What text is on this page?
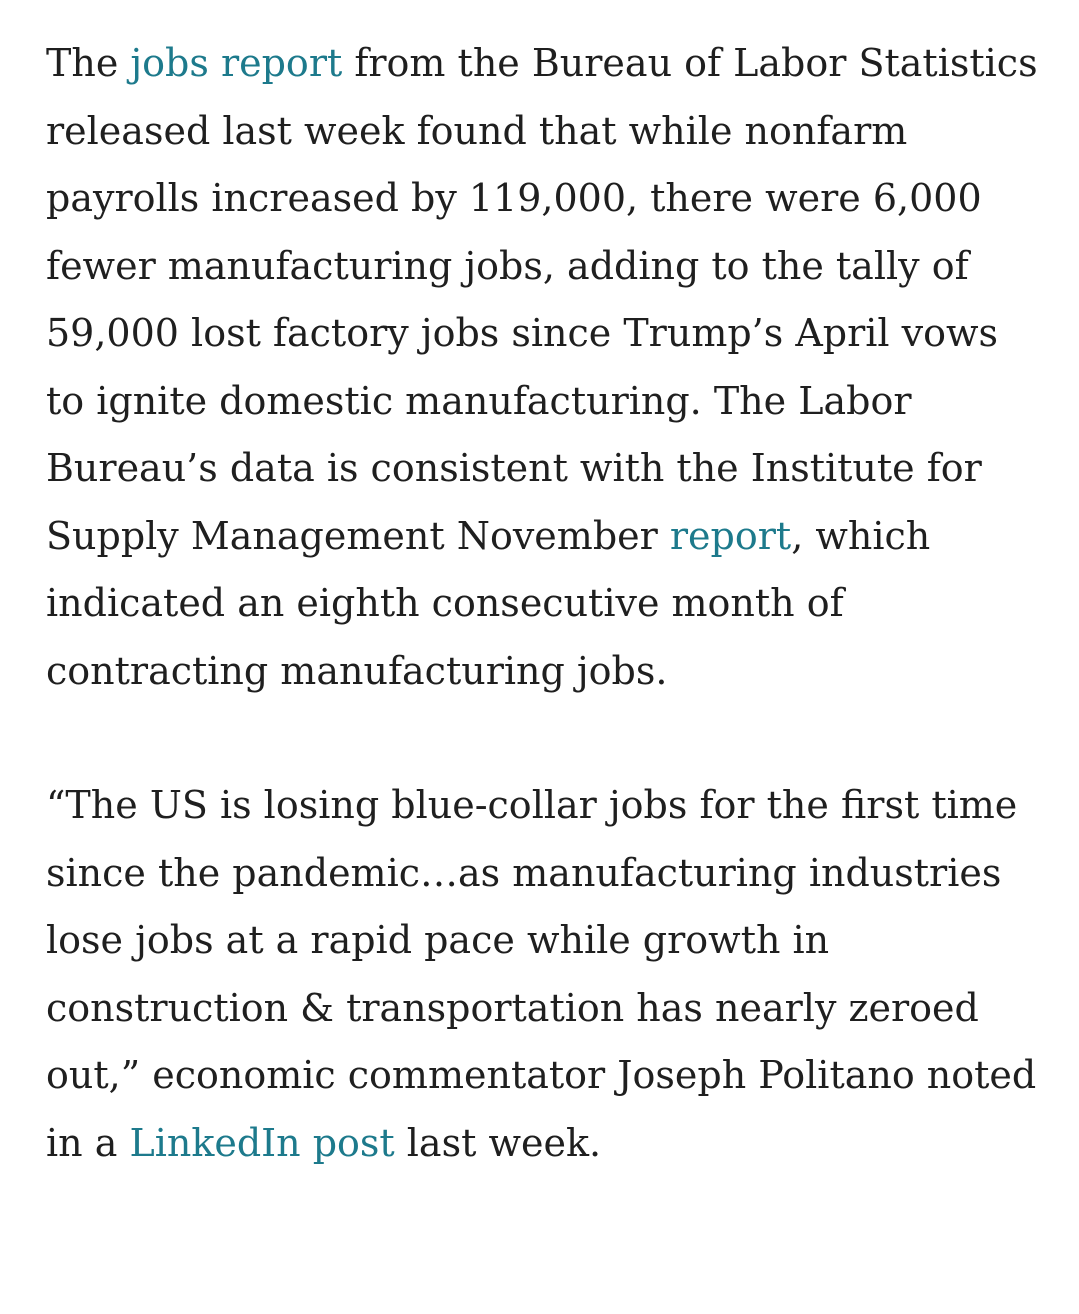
The jobs report from the Bureau of Labor Statistics released last week found that while nonfarm payrolls increased by 119,000, there were 6,000 fewer manufacturing jobs, adding to the tally of 59,000 lost factory jobs since Trump’s April vows to ignite domestic manufacturing. The Labor Bureau’s data is consistent with the Institute for Supply Management November report, which indicated an eighth consecutive month of contracting manufacturing jobs.

“The US is losing blue-collar jobs for the first time since the pandemic…as manufacturing industries lose jobs at a rapid pace while growth in construction & transportation has nearly zeroed out,” economic commentator Joseph Politano noted in a LinkedIn post last week.
